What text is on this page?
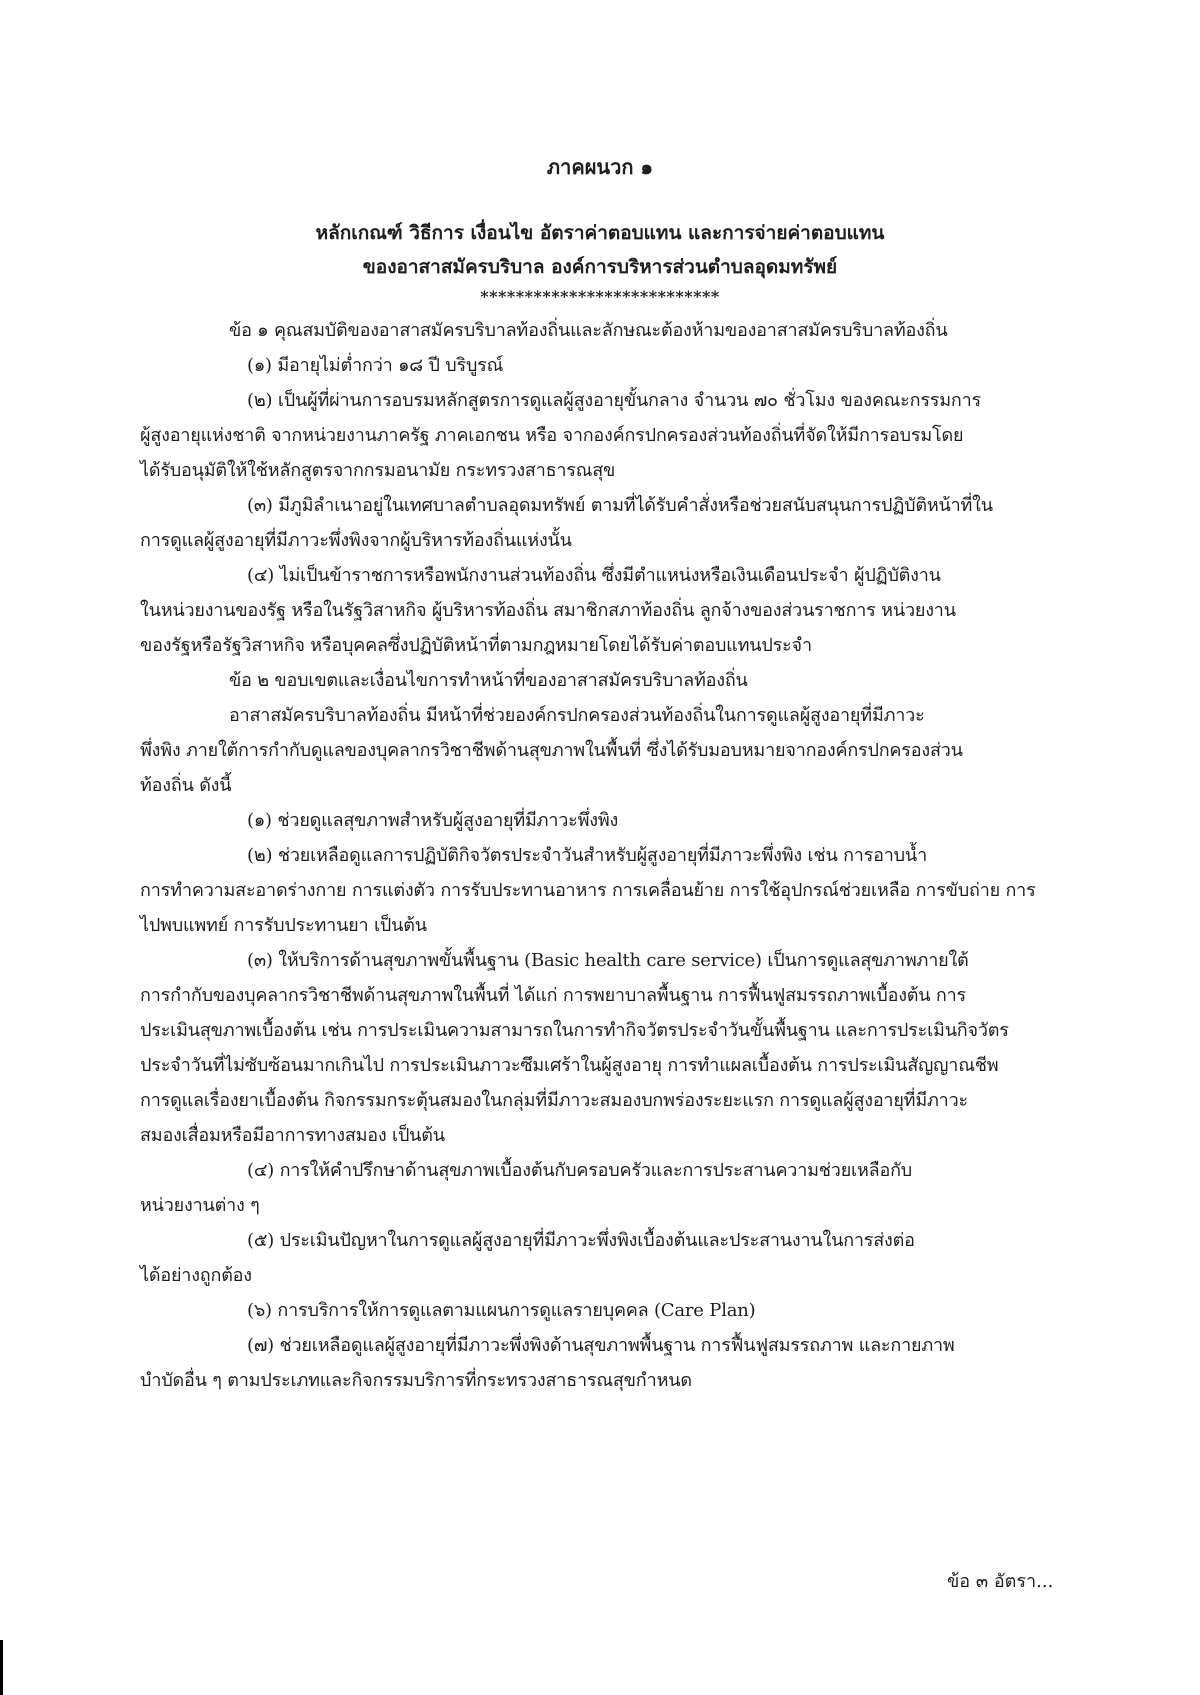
ภาคผนวก ๑
หลักเกณฑ์ วิธีการ เงื่อนไข อัตราค่าตอบแทน และการจ่ายค่าตอบแทน
ของอาสาสมัครบริบาล องค์การบริหารส่วนตำบลอุดมทรัพย์
***************************
ข้อ ๑ คุณสมบัติของอาสาสมัครบริบาลท้องถิ่นและลักษณะต้องห้ามของอาสาสมัครบริบาลท้องถิ่น
(๑) มีอายุไม่ต่ำกว่า ๑๘ ปี บริบูรณ์
(๒) เป็นผู้ที่ผ่านการอบรมหลักสูตรการดูแลผู้สูงอายุขั้นกลาง จำนวน ๗๐ ชั่วโมง ของคณะกรรมการ
ผู้สูงอายุแห่งชาติ จากหน่วยงานภาครัฐ ภาคเอกชน หรือ จากองค์กรปกครองส่วนท้องถิ่นที่จัดให้มีการอบรมโดย
ได้รับอนุมัติให้ใช้หลักสูตรจากกรมอนามัย กระทรวงสาธารณสุข
(๓) มีภูมิลำเนาอยู่ในเทศบาลตำบลอุดมทรัพย์ ตามที่ได้รับคำสั่งหรือช่วยสนับสนุนการปฏิบัติหน้าที่ใน
การดูแลผู้สูงอายุที่มีภาวะพึ่งพิงจากผู้บริหารท้องถิ่นแห่งนั้น
(๔) ไม่เป็นข้าราชการหรือพนักงานส่วนท้องถิ่น ซึ่งมีตำแหน่งหรือเงินเดือนประจำ ผู้ปฏิบัติงาน
ในหน่วยงานของรัฐ หรือในรัฐวิสาหกิจ ผู้บริหารท้องถิ่น สมาชิกสภาท้องถิ่น ลูกจ้างของส่วนราชการ หน่วยงาน
ของรัฐหรือรัฐวิสาหกิจ หรือบุคคลซึ่งปฏิบัติหน้าที่ตามกฎหมายโดยได้รับค่าตอบแทนประจำ
ข้อ ๒ ขอบเขตและเงื่อนไขการทำหน้าที่ของอาสาสมัครบริบาลท้องถิ่น
อาสาสมัครบริบาลท้องถิ่น มีหน้าที่ช่วยองค์กรปกครองส่วนท้องถิ่นในการดูแลผู้สูงอายุที่มีภาวะ
พึ่งพิง ภายใต้การกำกับดูแลของบุคลากรวิชาชีพด้านสุขภาพในพื้นที่ ซึ่งได้รับมอบหมายจากองค์กรปกครองส่วน
ท้องถิ่น ดังนี้
(๑) ช่วยดูแลสุขภาพสำหรับผู้สูงอายุที่มีภาวะพึ่งพิง
(๒) ช่วยเหลือดูแลการปฏิบัติกิจวัตรประจำวันสำหรับผู้สูงอายุที่มีภาวะพึ่งพิง เช่น การอาบน้ำ
การทำความสะอาดร่างกาย การแต่งตัว การรับประทานอาหาร การเคลื่อนย้าย การใช้อุปกรณ์ช่วยเหลือ การขับถ่าย การ
ไปพบแพทย์ การรับประทานยา เป็นต้น
(๓) ให้บริการด้านสุขภาพขั้นพื้นฐาน (Basic health care service) เป็นการดูแลสุขภาพภายใต้
การกำกับของบุคลากรวิชาชีพด้านสุขภาพในพื้นที่ ได้แก่ การพยาบาลพื้นฐาน การฟื้นฟูสมรรถภาพเบื้องต้น การ
ประเมินสุขภาพเบื้องต้น เช่น การประเมินความสามารถในการทำกิจวัตรประจำวันขั้นพื้นฐาน และการประเมินกิจวัตร
ประจำวันที่ไม่ซับซ้อนมากเกินไป การประเมินภาวะซึมเศร้าในผู้สูงอายุ การทำแผลเบื้องต้น การประเมินสัญญาณชีพ
การดูแลเรื่องยาเบื้องต้น กิจกรรมกระตุ้นสมองในกลุ่มที่มีภาวะสมองบกพร่องระยะแรก การดูแลผู้สูงอายุที่มีภาวะ
สมองเสื่อมหรือมีอาการทางสมอง เป็นต้น
(๔) การให้คำปรึกษาด้านสุขภาพเบื้องต้นกับครอบครัวและการประสานความช่วยเหลือกับ
หน่วยงานต่าง ๆ
(๕) ประเมินปัญหาในการดูแลผู้สูงอายุที่มีภาวะพึ่งพิงเบื้องต้นและประสานงานในการส่งต่อ
ได้อย่างถูกต้อง
(๖) การบริการให้การดูแลตามแผนการดูแลรายบุคคล (Care Plan)
(๗) ช่วยเหลือดูแลผู้สูงอายุที่มีภาวะพึ่งพิงด้านสุขภาพพื้นฐาน การฟื้นฟูสมรรถภาพ และกายภาพ
บำบัดอื่น ๆ ตามประเภทและกิจกรรมบริการที่กระทรวงสาธารณสุขกำหนด
ข้อ ๓ อัตรา...
